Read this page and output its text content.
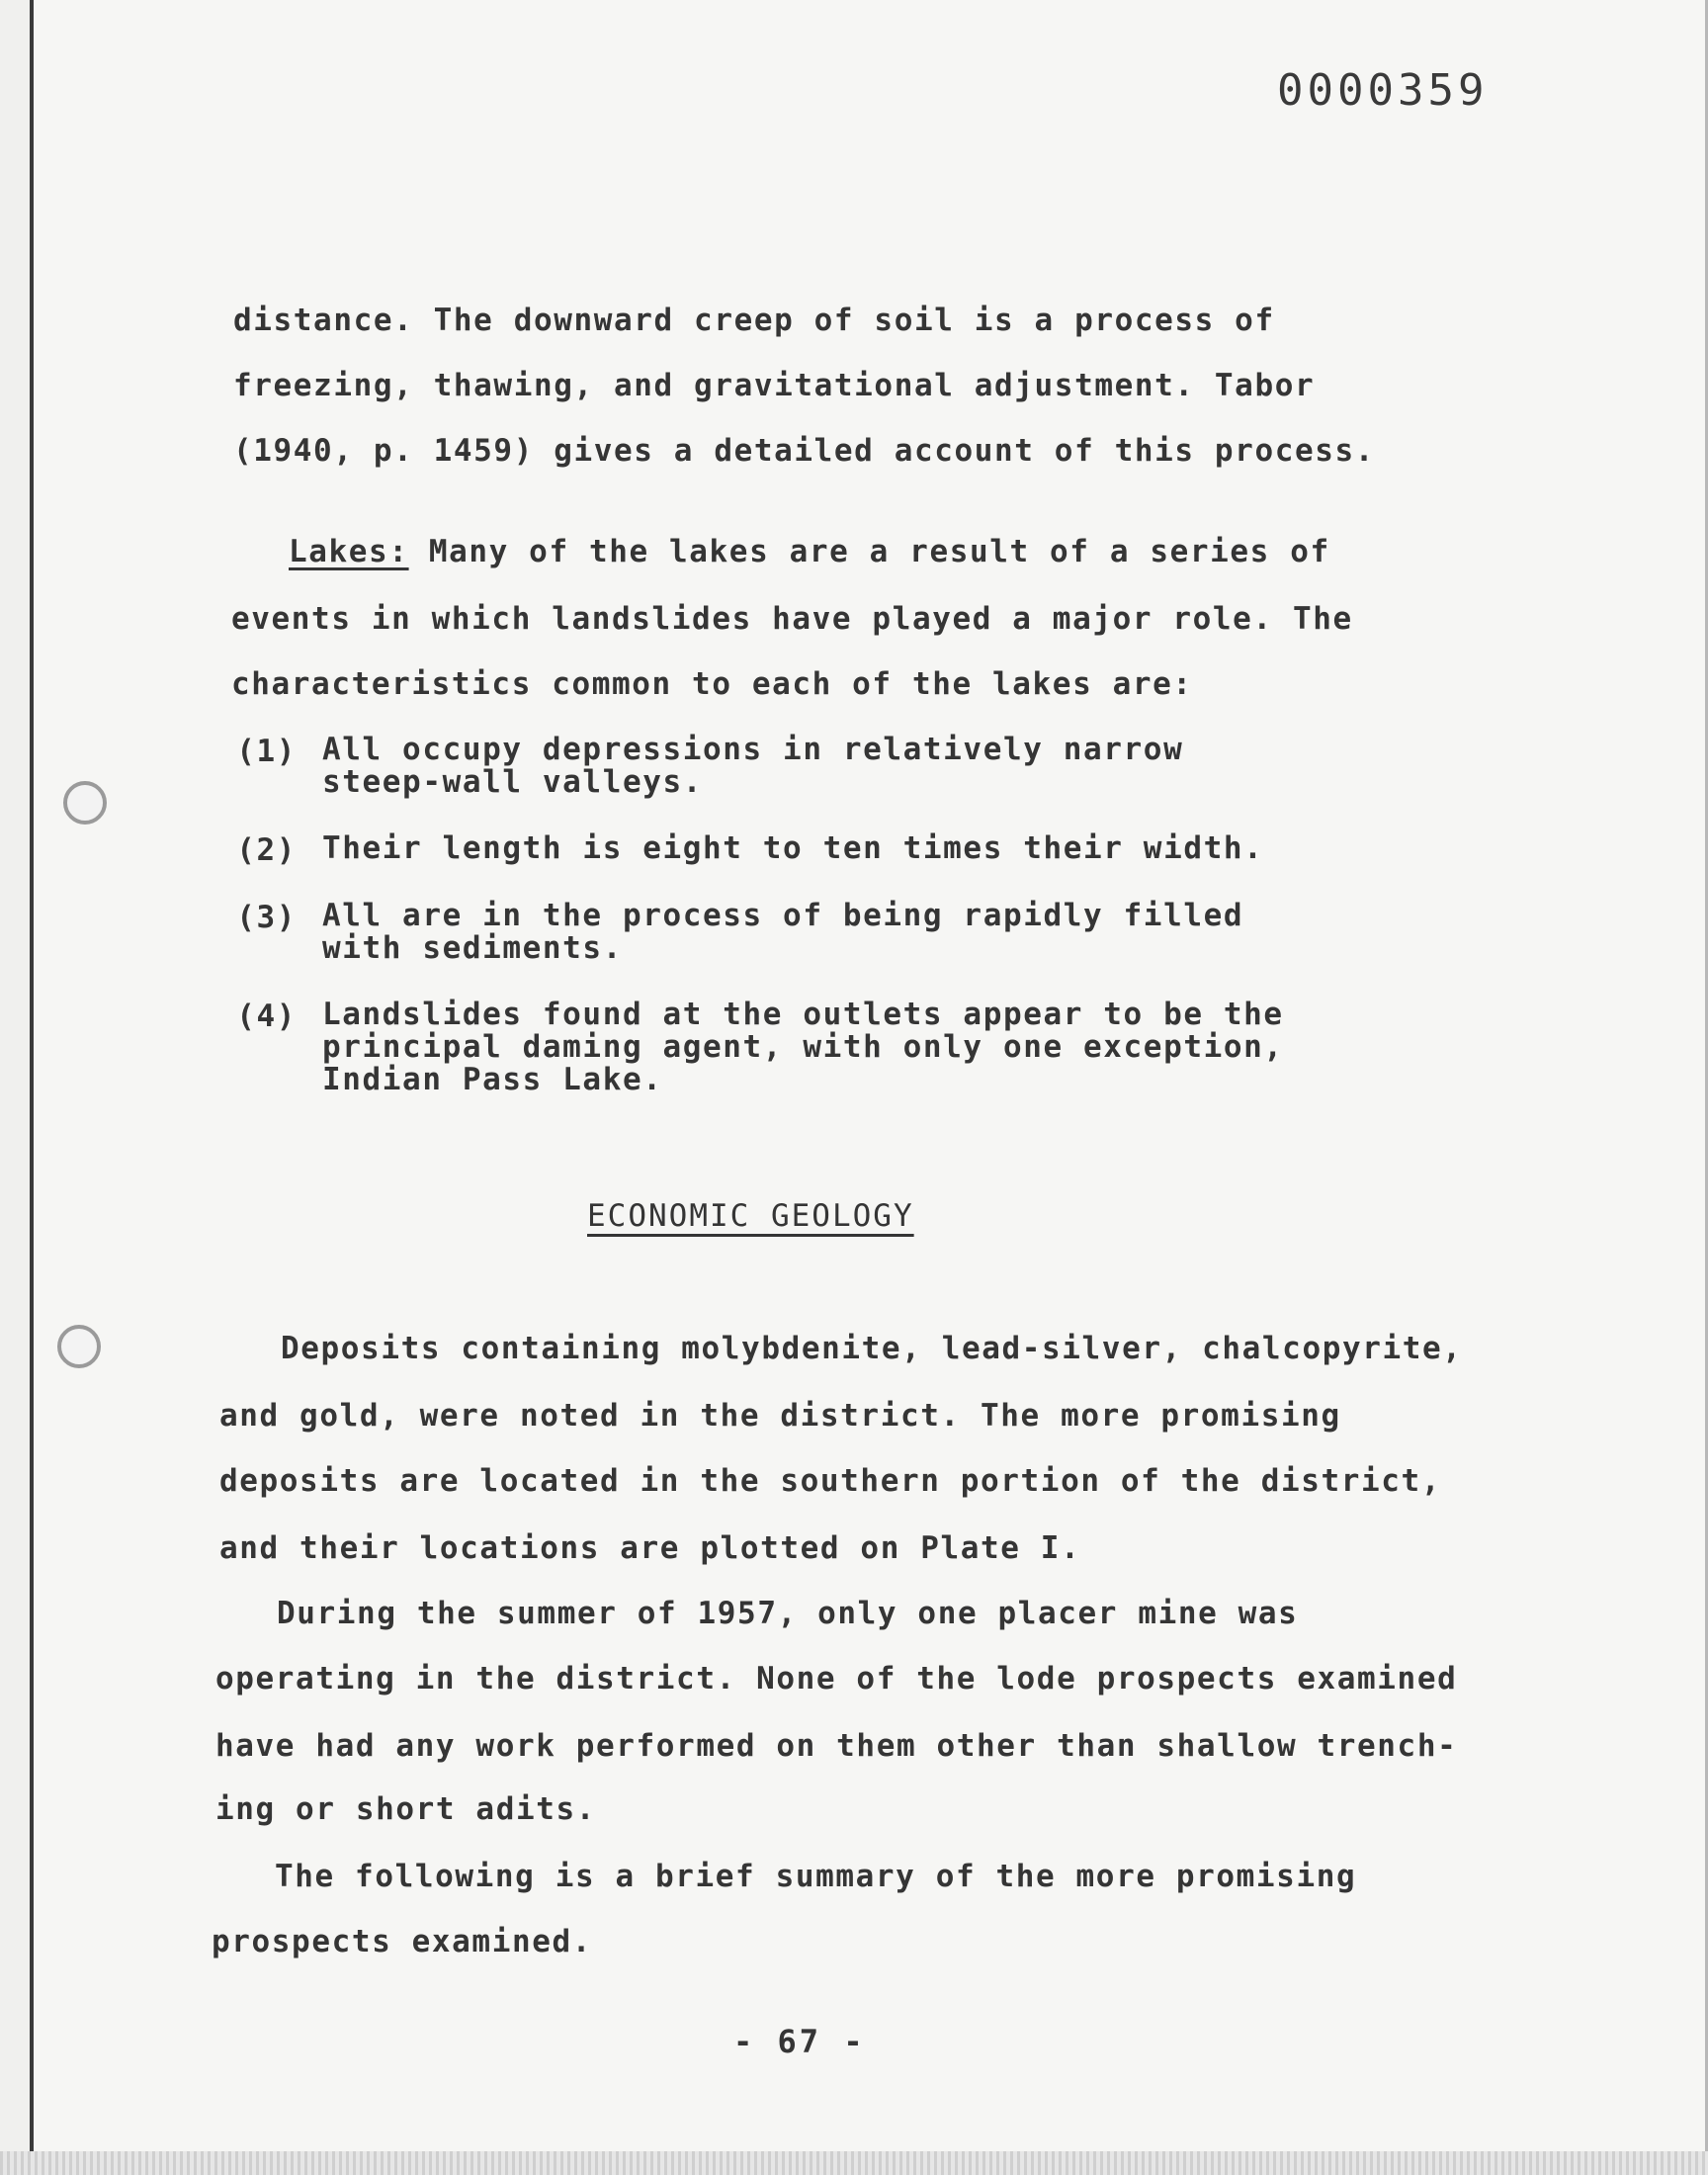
0000359
distance. The downward creep of soil is a process of
freezing, thawing, and gravitational adjustment. Tabor
(1940, p. 1459) gives a detailed account of this process.
Lakes: Many of the lakes are a result of a series of
events in which landslides have played a major role. The
characteristics common to each of the lakes are:
(1) All occupy depressions in relatively narrow steep-wall valleys.
(2) Their length is eight to ten times their width.
(3) All are in the process of being rapidly filled with sediments.
(4) Landslides found at the outlets appear to be the principal daming agent, with only one exception, Indian Pass Lake.
ECONOMIC GEOLOGY
Deposits containing molybdenite, lead-silver, chalcopyrite,
and gold, were noted in the district. The more promising
deposits are located in the southern portion of the district,
and their locations are plotted on Plate I.
During the summer of 1957, only one placer mine was
operating in the district. None of the lode prospects examined
have had any work performed on them other than shallow trench-
ing or short adits.
The following is a brief summary of the more promising
prospects examined.
- 67 -
